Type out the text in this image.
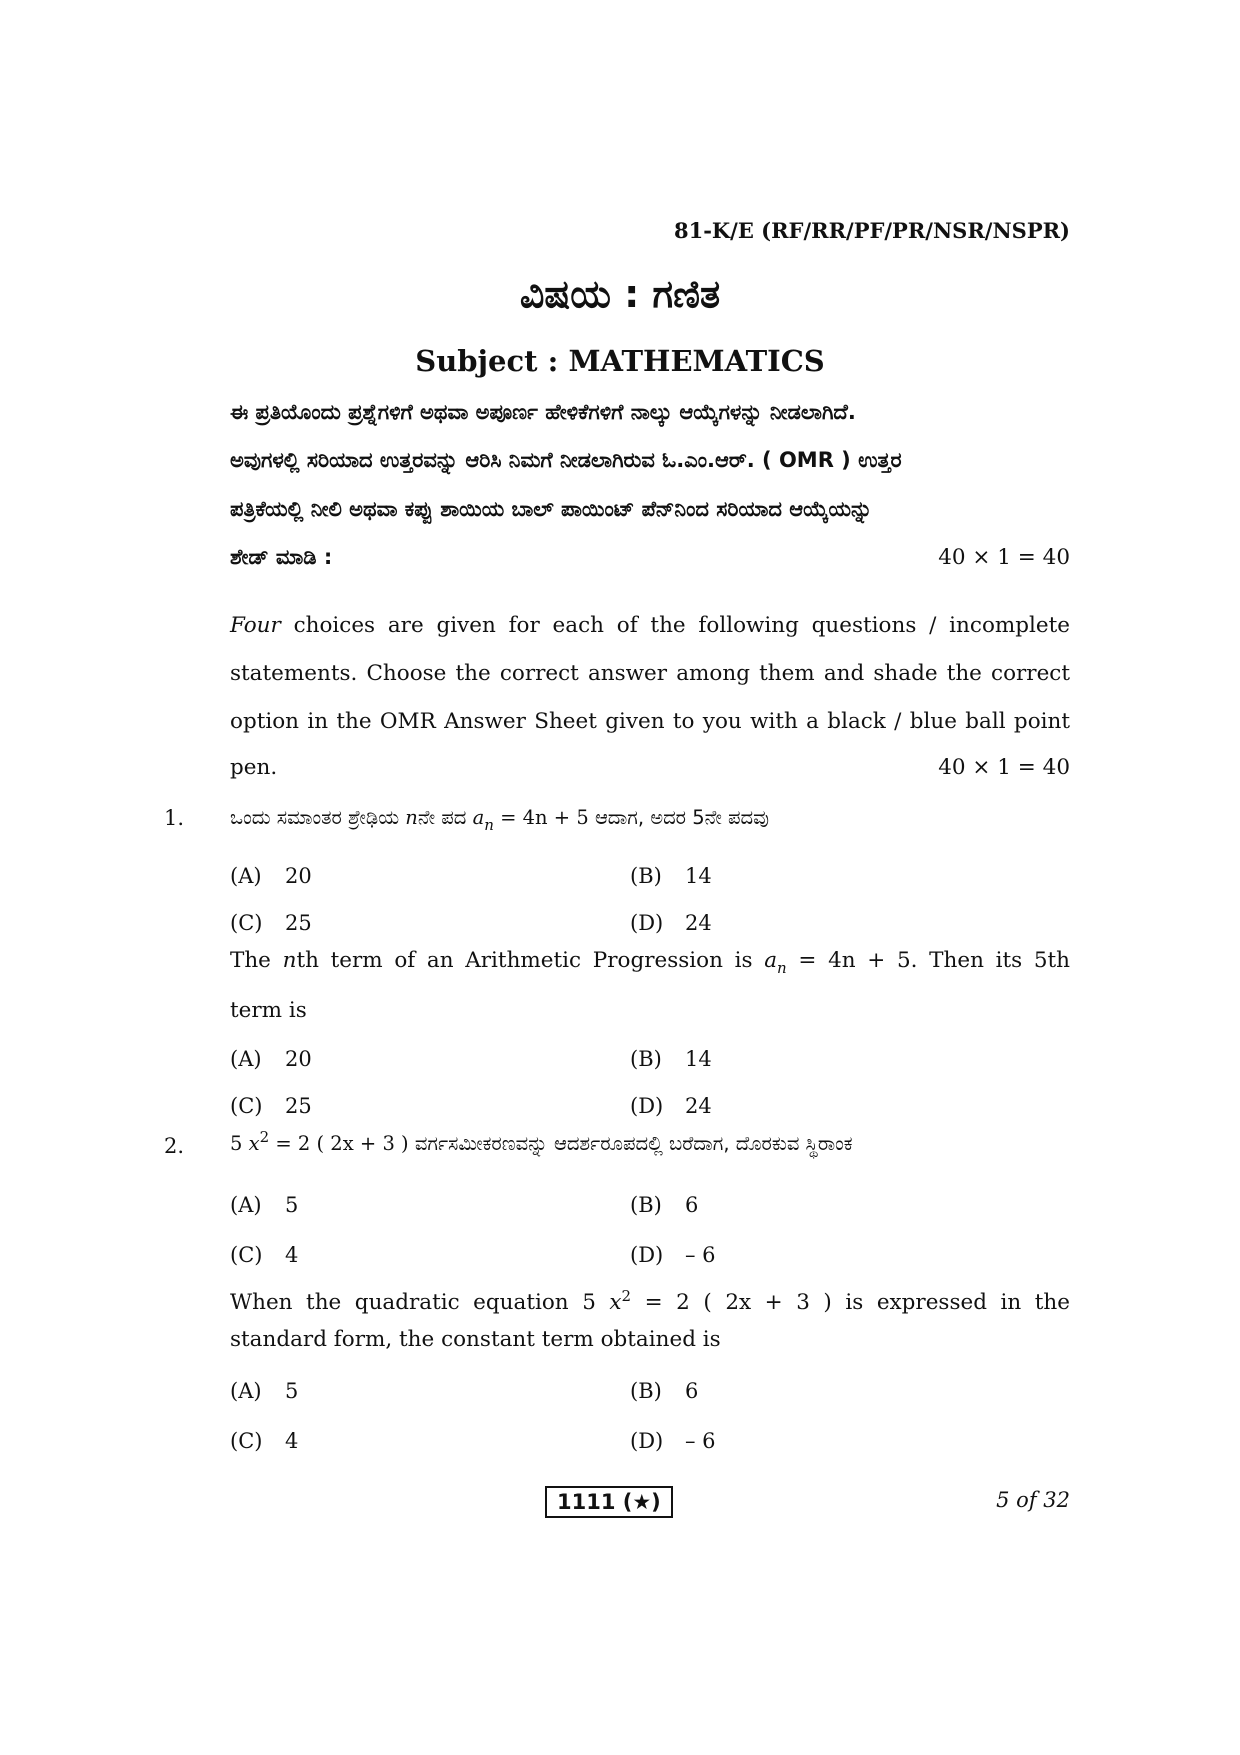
81-K/E (RF/RR/PF/PR/NSR/NSPR)
ವಿಷಯ : ಗಣಿತ
Subject : MATHEMATICS
ಈ ಪ್ರತಿಯೊಂದು ಪ್ರಶ್ನೆಗಳಿಗೆ ಅಥವಾ ಅಪೂರ್ಣ ಹೇಳಿಕೆಗಳಿಗೆ ನಾಲ್ಕು ಆಯ್ಕೆಗಳನ್ನು ನೀಡಲಾಗಿದೆ.
ಅವುಗಳಲ್ಲಿ ಸರಿಯಾದ ಉತ್ತರವನ್ನು ಆರಿಸಿ ನಿಮಗೆ ನೀಡಲಾಗಿರುವ ಓ.ಎಂ.ಆರ್. ( OMR ) ಉತ್ತರ
ಪತ್ರಿಕೆಯಲ್ಲಿ ನೀಲಿ ಅಥವಾ ಕಪ್ಪು ಶಾಯಿಯ ಬಾಲ್ ಪಾಯಿಂಟ್ ಪೆನ್‌ನಿಂದ ಸರಿಯಾದ ಆಯ್ಕೆಯನ್ನು
ಶೇಡ್ ಮಾಡಿ :	40 × 1 = 40
Four choices are given for each of the following questions / incomplete
statements. Choose the correct answer among them and shade the correct
option in the OMR Answer Sheet given to you with a black / blue ball point
pen.	40 × 1 = 40
1. ಒಂದು ಸಮಾಂತರ ಶ್ರೇಢಿಯ nನೇ ಪದ $a_n = 4n + 5$ ಆದಾಗ, ಅದರ 5ನೇ ಪದವು
(A) 20	(B) 14
(C) 25	(D) 24
The nth term of an Arithmetic Progression is $a_n = 4n + 5$. Then its 5th
term is
(A) 20	(B) 14
(C) 25	(D) 24
2. 5 $x^2 = 2$ ( 2x + 3 ) ವರ್ಗಸಮೀಕರಣವನ್ನು ಆದರ್ಶರೂಪದಲ್ಲಿ ಬರೆದಾಗ, ದೊರಕುವ ಸ್ಥಿರಾಂಕ
(A) 5	(B) 6
(C) 4	(D) – 6
When the quadratic equation 5 $x^2 = 2$ ( 2x + 3 ) is expressed in the
standard form, the constant term obtained is
(A) 5	(B) 6
(C) 4	(D) – 6
1111 (★)	5 of 32
